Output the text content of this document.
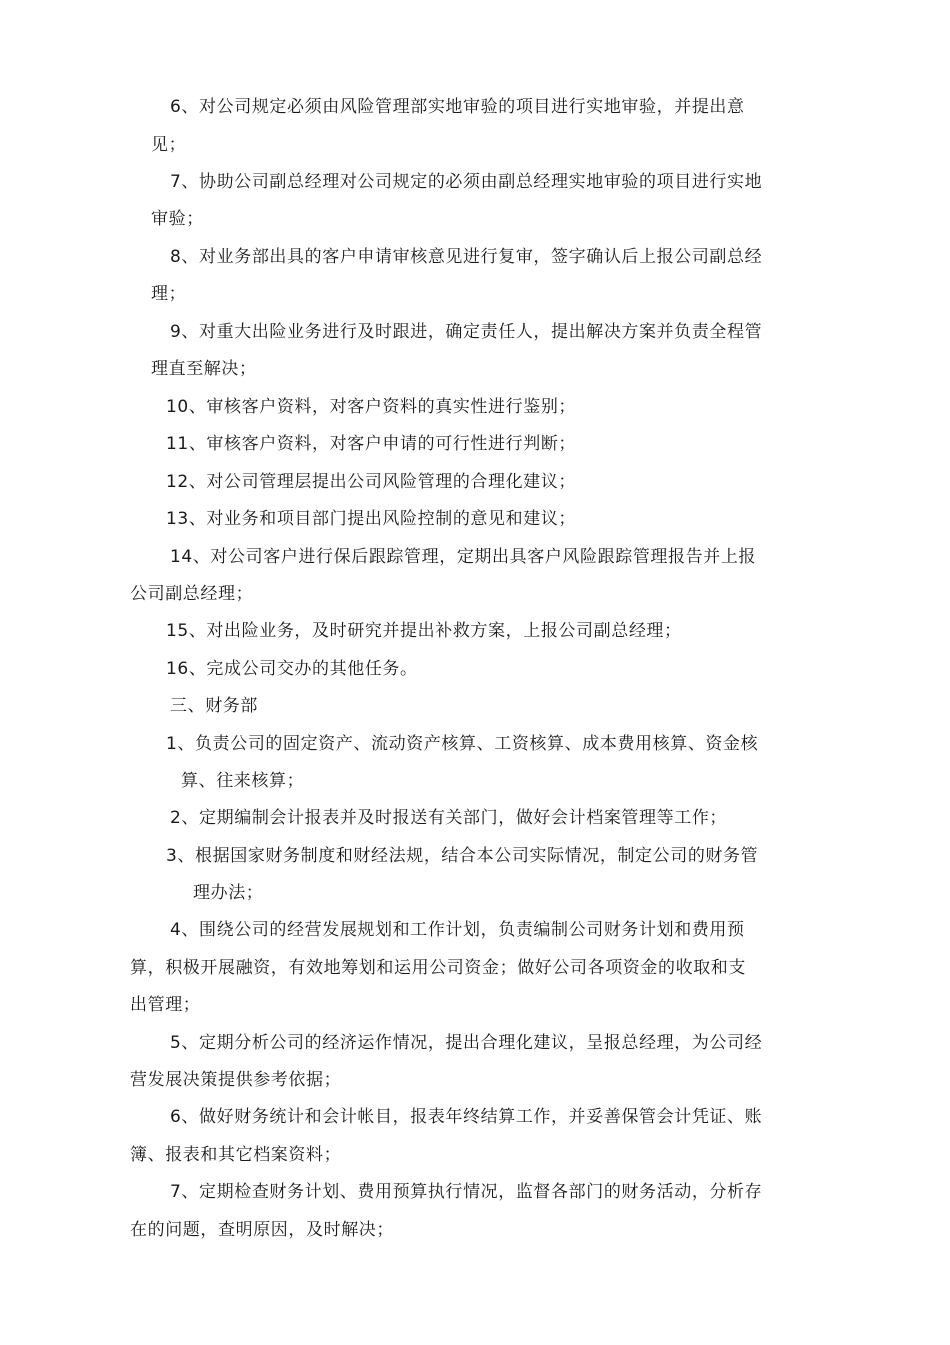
6、对公司规定必须由风险管理部实地审验的项目进行实地审验，并提出意
见；
7、协助公司副总经理对公司规定的必须由副总经理实地审验的项目进行实地
审验；
8、对业务部出具的客户申请审核意见进行复审，签字确认后上报公司副总经
理；
9、对重大出险业务进行及时跟进，确定责任人，提出解决方案并负责全程管
理直至解决；
10、审核客户资料，对客户资料的真实性进行鉴别；
11、审核客户资料，对客户申请的可行性进行判断；
12、对公司管理层提出公司风险管理的合理化建议；
13、对业务和项目部门提出风险控制的意见和建议；
14、对公司客户进行保后跟踪管理，定期出具客户风险跟踪管理报告并上报
公司副总经理；
15、对出险业务，及时研究并提出补救方案，上报公司副总经理；
16、完成公司交办的其他任务。
三、财务部
1、负责公司的固定资产、流动资产核算、工资核算、成本费用核算、资金核
算、往来核算；
2、定期编制会计报表并及时报送有关部门，做好会计档案管理等工作；
3、根据国家财务制度和财经法规，结合本公司实际情况，制定公司的财务管
理办法；
4、围绕公司的经营发展规划和工作计划，负责编制公司财务计划和费用预
算，积极开展融资，有效地筹划和运用公司资金；做好公司各项资金的收取和支
出管理；
5、定期分析公司的经济运作情况，提出合理化建议，呈报总经理，为公司经
营发展决策提供参考依据；
6、做好财务统计和会计帐目，报表年终结算工作，并妥善保管会计凭证、账
簿、报表和其它档案资料；
7、定期检查财务计划、费用预算执行情况，监督各部门的财务活动，分析存
在的问题，查明原因，及时解决；
